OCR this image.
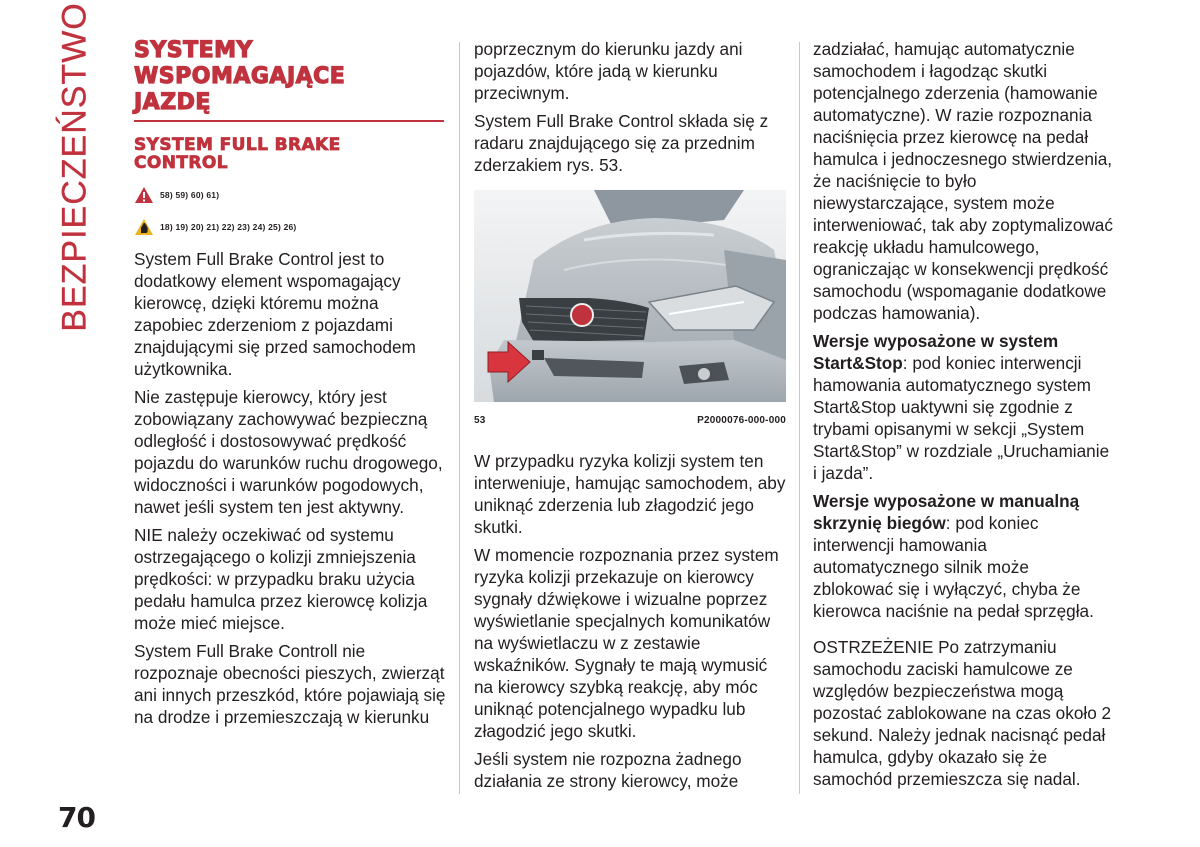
BEZPIECZEŃSTWO SYSTEMY
WSPOMAGAJĄCE
JAZDĘ
SYSTEM FULL BRAKE
CONTROL
58) 59) 60) 61)
18) 19) 20) 21) 22) 23) 24) 25) 26)

System Full Brake Control jest to dodatkowy element wspomagający kierowcę, dzięki któremu można zapobiec zderzeniom z pojazdami znajdującymi się przed samochodem użytkownika.

Nie zastępuje kierowcy, który jest zobowiązany zachowywać bezpieczną odległość i dostosowywać prędkość pojazdu do warunków ruchu drogowego, widoczności i warunków pogodowych, nawet jeśli system ten jest aktywny.

NIE należy oczekiwać od systemu ostrzegającego o kolizji zmniejszenia prędkości: w przypadku braku użycia pedału hamulca przez kierowcę kolizja może mieć miejsce.

System Full Brake Controll nie rozpoznaje obecności pieszych, zwierząt ani innych przeszkód, które pojawiają się na drodze i przemieszczają w kierunku

poprzecznym do kierunku jazdy ani pojazdów, które jadą w kierunku przeciwnym.

System Full Brake Control składa się z radaru znajdującego się za przednim zderzakiem rys. 53.

53	P2000076-000-000

W przypadku ryzyka kolizji system ten interweniuje, hamując samochodem, aby uniknąć zderzenia lub złagodzić jego skutki.

W momencie rozpoznania przez system ryzyka kolizji przekazuje on kierowcy sygnały dźwiękowe i wizualne poprzez wyświetlanie specjalnych komunikatów na wyświetlaczu w z zestawie wskaźników. Sygnały te mają wymusić na kierowcy szybką reakcję, aby móc uniknąć potencjalnego wypadku lub złagodzić jego skutki.

Jeśli system nie rozpozna żadnego działania ze strony kierowcy, może

zadziałać, hamując automatycznie samochodem i łagodząc skutki potencjalnego zderzenia (hamowanie automatyczne). W razie rozpoznania naciśnięcia przez kierowcę na pedał hamulca i jednoczesnego stwierdzenia, że naciśnięcie to było niewystarczające, system może interweniować, tak aby zoptymalizować reakcję układu hamulcowego, ograniczając w konsekwencji prędkość samochodu (wspomaganie dodatkowe podczas hamowania).

Wersje wyposażone w system Start&Stop: pod koniec interwencji hamowania automatycznego system Start&Stop uaktywni się zgodnie z trybami opisanymi w sekcji „System Start&Stop” w rozdziale „Uruchamianie i jazda”.

Wersje wyposażone w manualną skrzynię biegów: pod koniec interwencji hamowania automatycznego silnik może zblokować się i wyłączyć, chyba że kierowca naciśnie na pedał sprzęgła.

OSTRZEŻENIE Po zatrzymaniu samochodu zaciski hamulcowe ze względów bezpieczeństwa mogą pozostać zablokowane na czas około 2 sekund. Należy jednak nacisnąć pedał hamulca, gdyby okazało się że samochód przemieszcza się nadal.

70
